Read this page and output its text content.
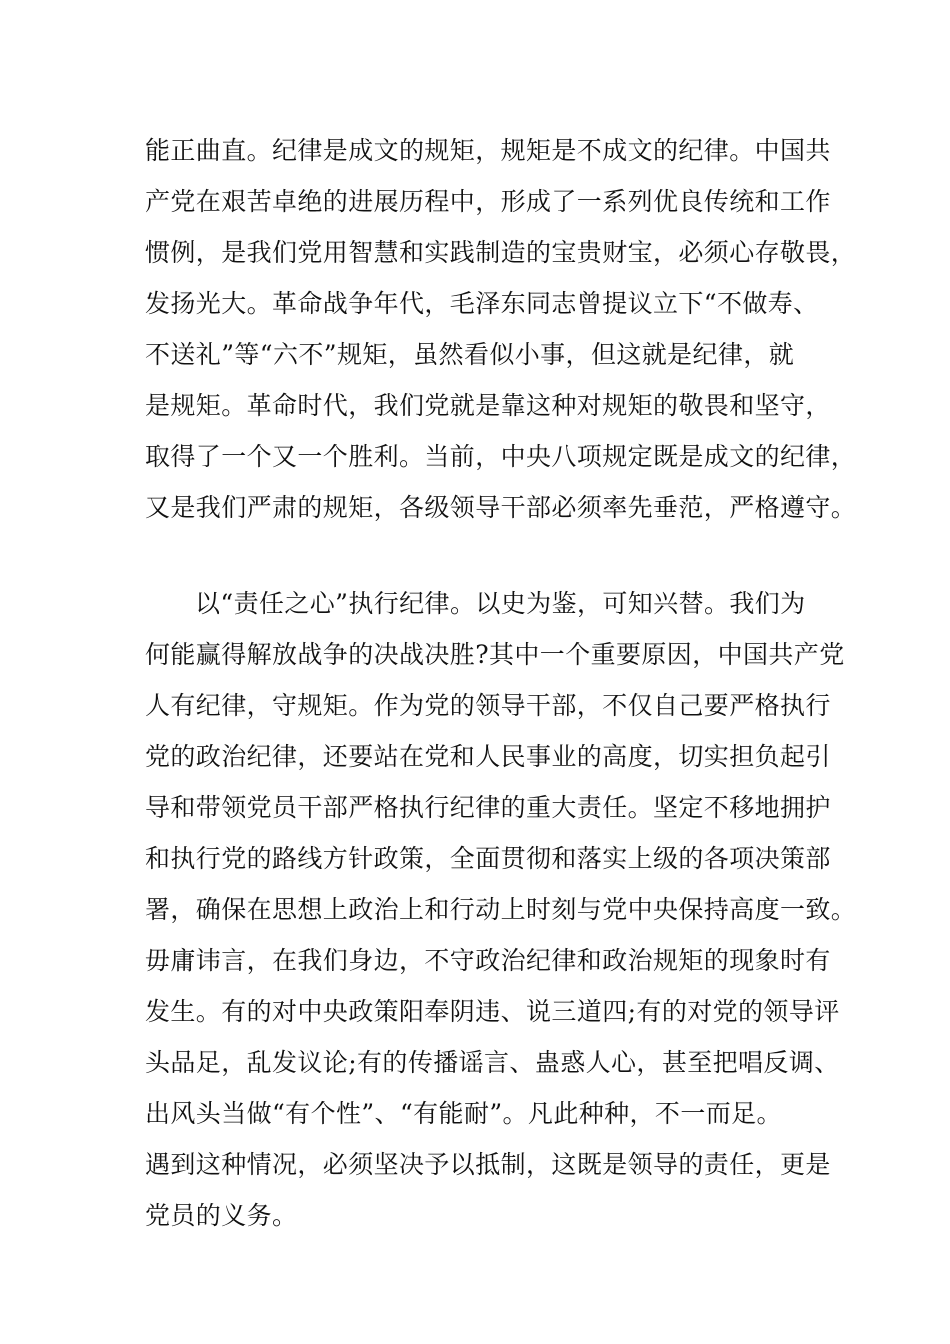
能正曲直。纪律是成文的规矩，规矩是不成文的纪律。中国共
产党在艰苦卓绝的进展历程中，形成了一系列优良传统和工作
惯例，是我们党用智慧和实践制造的宝贵财宝，必须心存敬畏，
发扬光大。革命战争年代，毛泽东同志曾提议立下“不做寿、
不送礼”等“六不”规矩，虽然看似小事，但这就是纪律，就
是规矩。革命时代，我们党就是靠这种对规矩的敬畏和坚守，
取得了一个又一个胜利。当前，中央八项规定既是成文的纪律，
又是我们严肃的规矩，各级领导干部必须率先垂范，严格遵守。
以“责任之心”执行纪律。以史为鉴，可知兴替。我们为
何能赢得解放战争的决战决胜?其中一个重要原因，中国共产党
人有纪律，守规矩。作为党的领导干部，不仅自己要严格执行
党的政治纪律，还要站在党和人民事业的高度，切实担负起引
导和带领党员干部严格执行纪律的重大责任。坚定不移地拥护
和执行党的路线方针政策，全面贯彻和落实上级的各项决策部
署，确保在思想上政治上和行动上时刻与党中央保持高度一致。
毋庸讳言，在我们身边，不守政治纪律和政治规矩的现象时有
发生。有的对中央政策阳奉阴违、说三道四;有的对党的领导评
头品足，乱发议论;有的传播谣言、蛊惑人心，甚至把唱反调、
出风头当做“有个性”、“有能耐”。凡此种种，不一而足。
遇到这种情况，必须坚决予以抵制，这既是领导的责任，更是
党员的义务。
